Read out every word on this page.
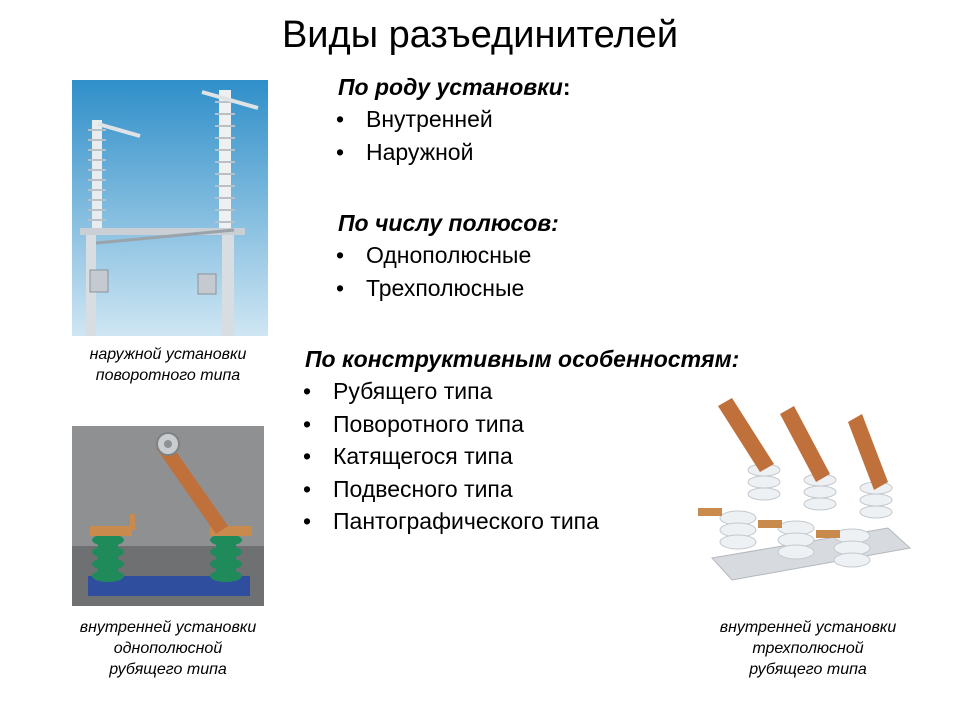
Виды разъединителей
По роду установки:
• Внутренней
• Наружной
По числу полюсов:
• Однополюсные
• Трехполюсные
По конструктивным особенностям:
• Рубящего типа
• Поворотного типа
• Катящегося типа
• Подвесного типа
• Пантографического типа
наружной установки
поворотного типа
внутренней установки
однополюсной
рубящего типа
внутренней установки
трехполюсной
рубящего типа
